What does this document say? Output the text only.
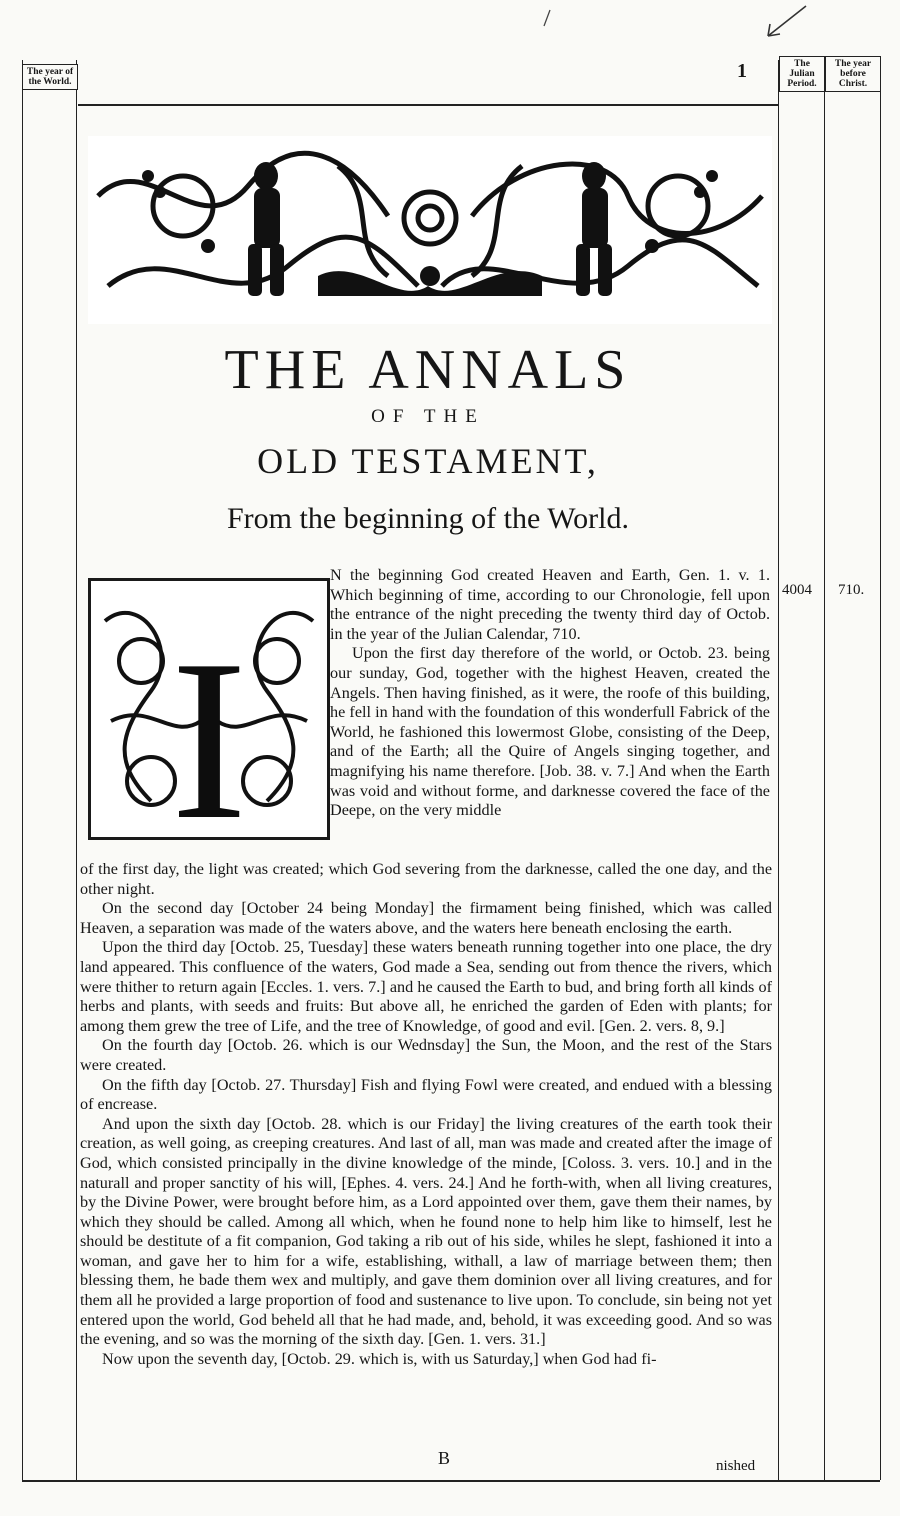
The year of the World.	1	The Julian Period.
The year before Christ.
THE ANNALS
OF THE
OLD TESTAMENT,
From the beginning of the World.
I
4004 710.

N the beginning God created Heaven and Earth, Gen. 1. v. 1. Which beginning of time, according to our Chronologie, fell upon the entrance of the night preceding the twenty third day of Octob. in the year of the Julian Calendar, 710.

Upon the first day therefore of the world, or Octob. 23. being our sunday, God, together with the highest Heaven, created the Angels. Then having finished, as it were, the roofe of this building, he fell in hand with the foundation of this wonderfull Fabrick of the World, he fashioned this lowermost Globe, consisting of the Deep, and of the Earth; all the Quire of Angels singing together, and magnifying his name therefore. [Job. 38. v. 7.] And when the Earth was void and without forme, and darknesse covered the face of the Deepe, on the very middle

of the first day, the light was created; which God severing from the darknesse, called the one day, and the other night.

On the second day [October 24 being Monday] the firmament being finished, which was called Heaven, a separation was made of the waters above, and the waters here beneath enclosing the earth.

Upon the third day [Octob. 25, Tuesday] these waters beneath running together into one place, the dry land appeared. This confluence of the waters, God made a Sea, sending out from thence the rivers, which were thither to return again [Eccles. 1. vers. 7.] and he caused the Earth to bud, and bring forth all kinds of herbs and plants, with seeds and fruits: But above all, he enriched the garden of Eden with plants; for among them grew the tree of Life, and the tree of Knowledge, of good and evil. [Gen. 2. vers. 8, 9.]

On the fourth day [Octob. 26. which is our Wednsday] the Sun, the Moon, and the rest of the Stars were created.

On the fifth day [Octob. 27. Thursday] Fish and flying Fowl were created, and endued with a blessing of encrease.

And upon the sixth day [Octob. 28. which is our Friday] the living creatures of the earth took their creation, as well going, as creeping creatures. And last of all, man was made and created after the image of God, which consisted principally in the divine knowledge of the minde, [Coloss. 3. vers. 10.] and in the naturall and proper sanctity of his will, [Ephes. 4. vers. 24.] And he forth-with, when all living creatures, by the Divine Power, were brought before him, as a Lord appointed over them, gave them their names, by which they should be called. Among all which, when he found none to help him like to himself, lest he should be destitute of a fit companion, God taking a rib out of his side, whiles he slept, fashioned it into a woman, and gave her to him for a wife, establishing, withall, a law of marriage between them; then blessing them, he bade them wex and multiply, and gave them dominion over all living creatures, and for them all he provided a large proportion of food and sustenance to live upon. To conclude, sin being not yet entered upon the world, God beheld all that he had made, and, behold, it was exceeding good. And so was the evening, and so was the morning of the sixth day. [Gen. 1. vers. 31.]

Now upon the seventh day, [Octob. 29. which is, with us Saturday,] when God had fi-

B	nished
